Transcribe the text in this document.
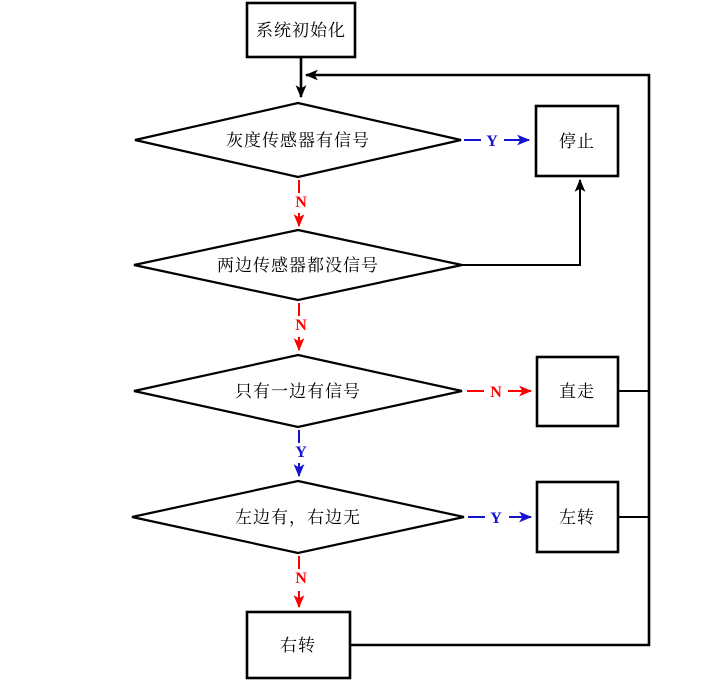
Y
N
N
N
Y
Y
N
系统初始化
灰度传感器有信号	停止
两边传感器都没信号
只有一边有信号	直走
左边有，右边无	左转
右转
